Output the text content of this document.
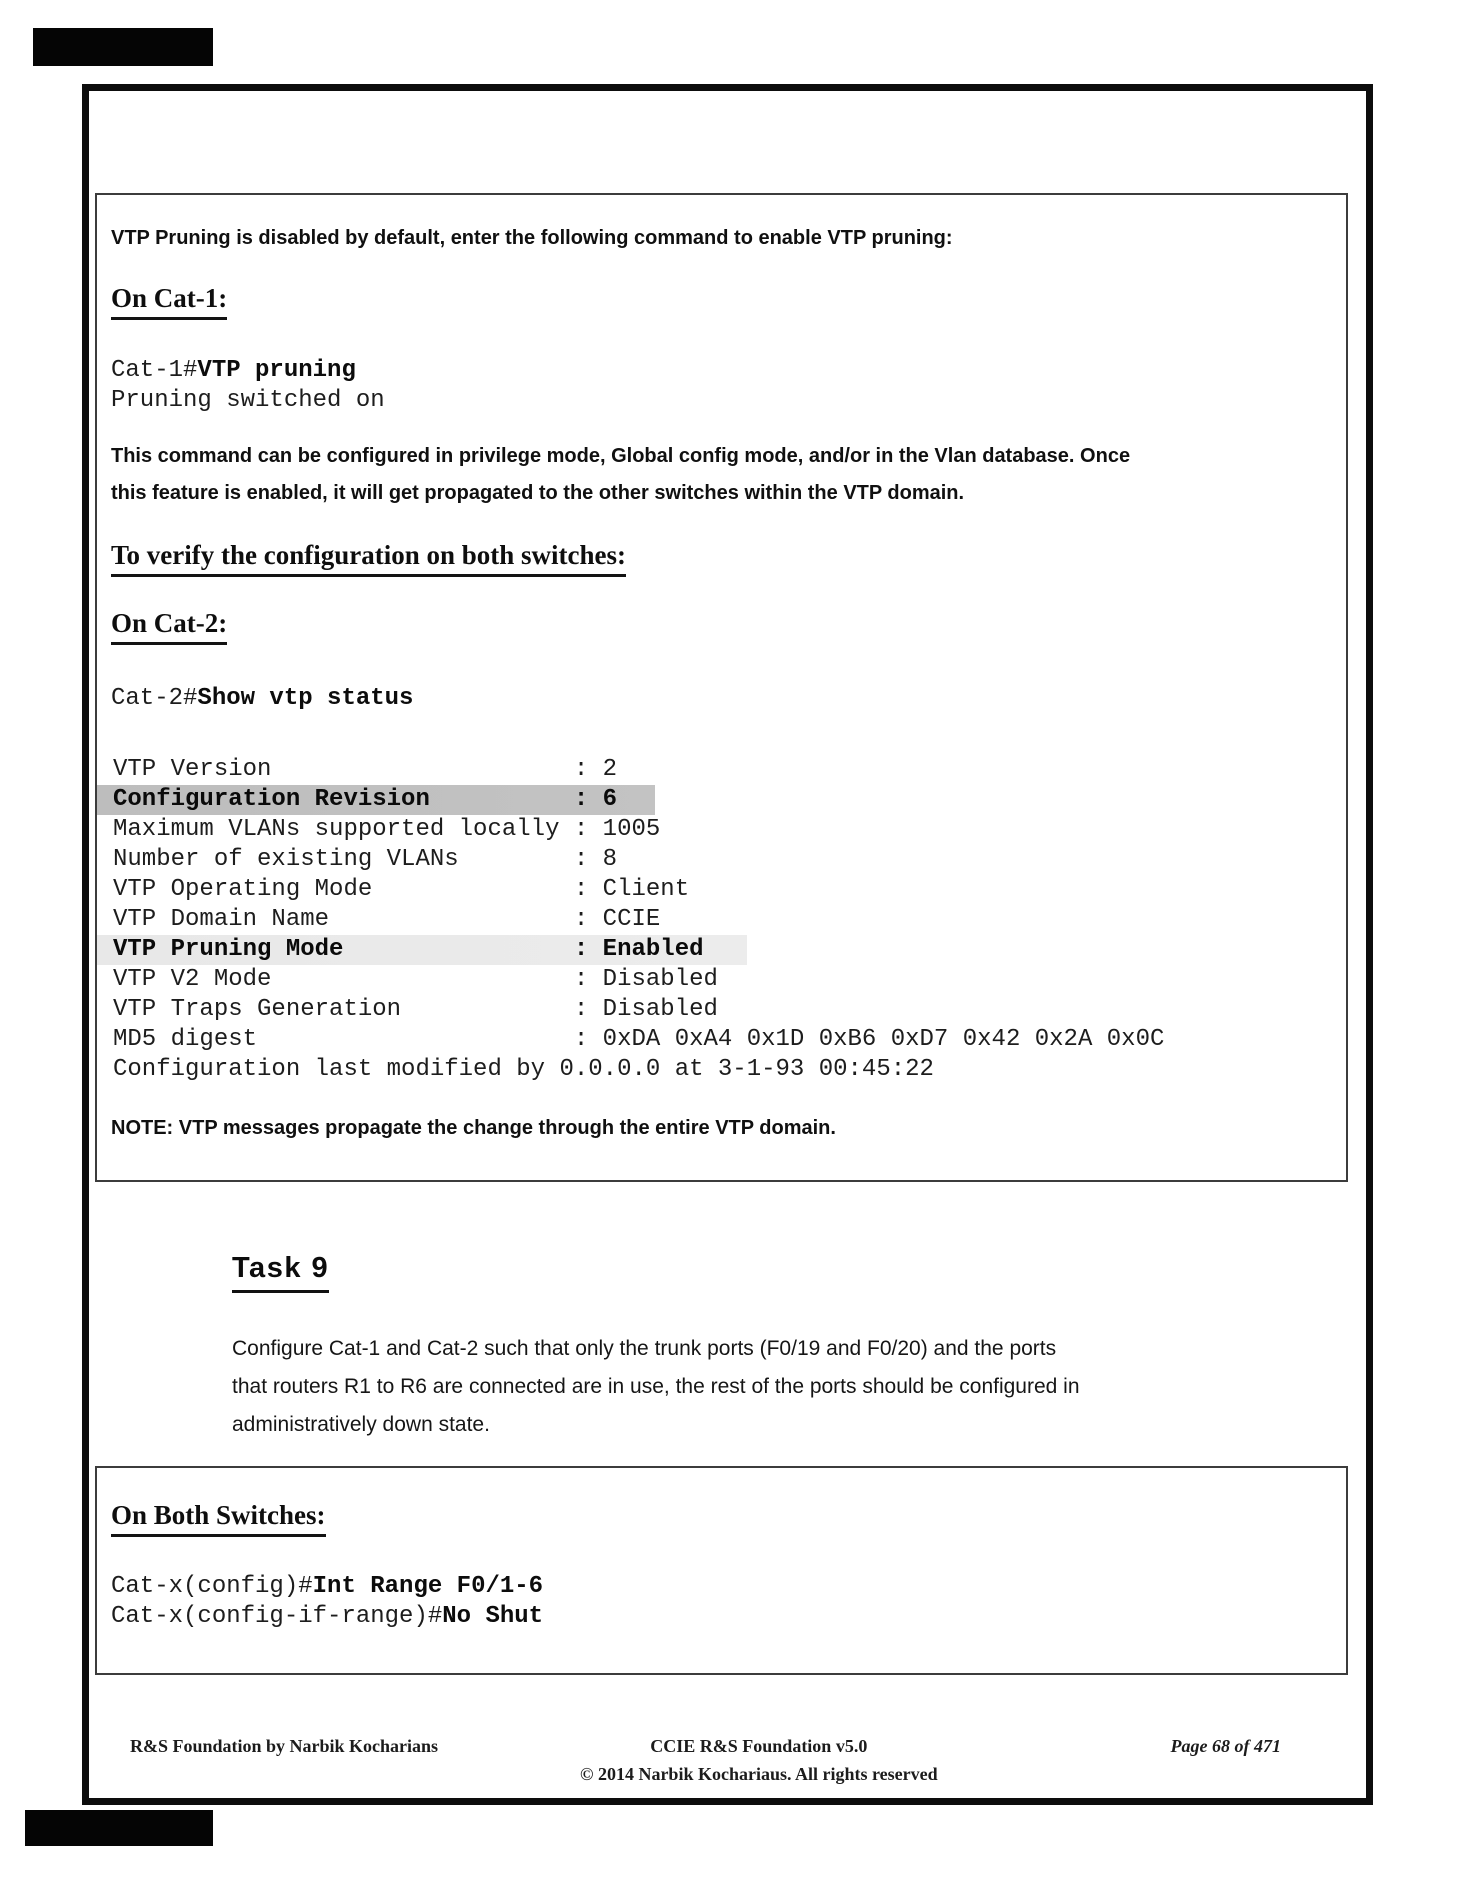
VTP Pruning is disabled by default, enter the following command to enable VTP pruning:
On Cat-1:
Cat-1#VTP pruning
Pruning switched on
This command can be configured in privilege mode, Global config mode, and/or in the Vlan database. Once
this feature is enabled, it will get propagated to the other switches within the VTP domain.
To verify the configuration on both switches:
On Cat-2:
Cat-2#Show vtp status
VTP Version                     : 2
Configuration Revision          : 6
Maximum VLANs supported locally : 1005
Number of existing VLANs        : 8
VTP Operating Mode              : Client
VTP Domain Name                 : CCIE
VTP Pruning Mode                : Enabled
VTP V2 Mode                     : Disabled
VTP Traps Generation            : Disabled
MD5 digest                      : 0xDA 0xA4 0x1D 0xB6 0xD7 0x42 0x2A 0x0C
Configuration last modified by 0.0.0.0 at 3-1-93 00:45:22
NOTE: VTP messages propagate the change through the entire VTP domain.
Task 9
Configure Cat-1 and Cat-2 such that only the trunk ports (F0/19 and F0/20) and the ports
that routers R1 to R6 are connected are in use, the rest of the ports should be configured in
administratively down state.
On Both Switches:
Cat-x(config)#Int Range F0/1-6
Cat-x(config-if-range)#No Shut
R&S Foundation by Narbik Kocharians	CCIE R&S Foundation v5.0	Page 68 of 471
© 2014 Narbik Kochariaus. All rights reserved
